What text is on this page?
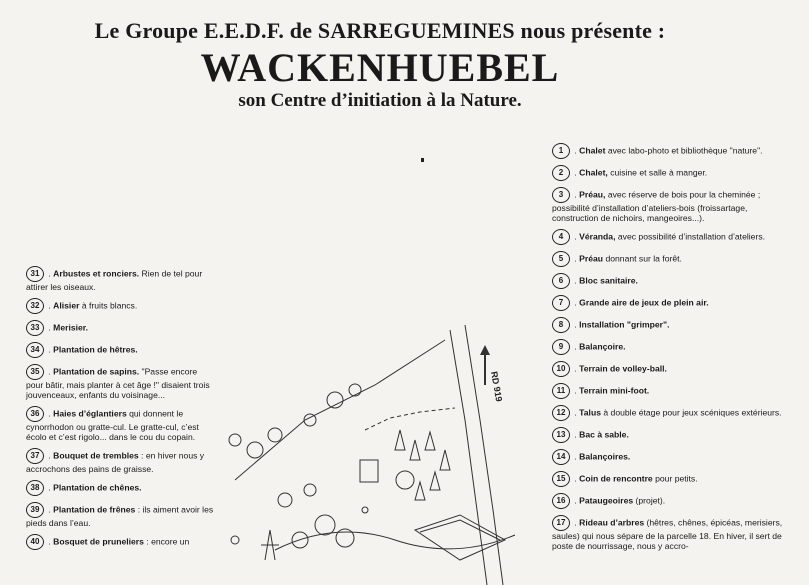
Le Groupe E.E.D.F. de SARREGUEMINES nous présente :
WACKENHUEBEL
son Centre d’initiation à la Nature.
31 . Arbustes et ronciers. Rien de tel pour attirer les oiseaux.
32 . Alisier à fruits blancs.
33 . Merisier.
34 . Plantation de hêtres.
35 . Plantation de sapins. "Passe encore pour bâtir, mais planter à cet âge !" disaient trois jouvenceaux, enfants du voisinage...
36 . Haies d’églantiers qui donnent le cynorrhodon ou gratte-cul. Le gratte-cul, c’est écolo et c’est rigolo... dans le cou du copain.
37 . Bouquet de trembles : en hiver nous y accrochons des pains de graisse.
38 . Plantation de chênes.
39 . Plantation de frênes : ils aiment avoir les pieds dans l’eau.
40 . Bosquet de pruneliers : encore un
1 . Chalet avec labo-photo et bibliothèque "nature".
2 . Chalet, cuisine et salle à manger.
3 . Préau, avec réserve de bois pour la cheminée ; possibilité d’installation d’ateliers-bois (froissartage, construction de nichoirs, mangeoires...).
4 . Véranda, avec possibilité d’installation d’ateliers.
5 . Préau donnant sur la forêt.
6 . Bloc sanitaire.
7 . Grande aire de jeux de plein air.
8 . Installation "grimper".
9 . Balançoire.
10 . Terrain de volley-ball.
11 . Terrain mini-foot.
12 . Talus à double étage pour jeux scéniques extérieurs.
13 . Bac à sable.
14 . Balançoires.
15 . Coin de rencontre pour petits.
16 . Pataugeoires (projet).
17 . Rideau d’arbres (hêtres, chênes, épicéas, merisiers, saules) qui nous sépare de la parcelle 18. En hiver, il sert de poste de nourrissage, nous y accro-
RD 919
